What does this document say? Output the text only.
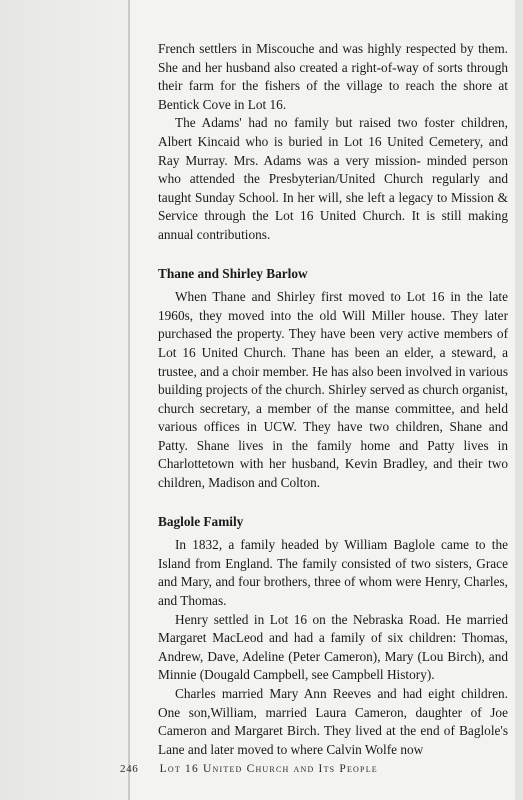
French settlers in Miscouche and was highly respected by them. She and her husband also created a right-of-way of sorts through their farm for the fishers of the village to reach the shore at Bentick Cove in Lot 16.

The Adams' had no family but raised two foster children, Albert Kincaid who is buried in Lot 16 United Cemetery, and Ray Murray. Mrs. Adams was a very mission- minded person who attended the Presbyterian/United Church regularly and taught Sunday School. In her will, she left a legacy to Mission & Service through the Lot 16 United Church. It is still making annual contributions.

Thane and Shirley Barlow

When Thane and Shirley first moved to Lot 16 in the late 1960s, they moved into the old Will Miller house. They later purchased the property. They have been very active members of Lot 16 United Church. Thane has been an elder, a steward, a trustee, and a choir member. He has also been involved in various building projects of the church. Shirley served as church organist, church secretary, a member of the manse committee, and held various offices in UCW. They have two children, Shane and Patty. Shane lives in the family home and Patty lives in Charlottetown with her husband, Kevin Bradley, and their two children, Madison and Colton.

Baglole Family

In 1832, a family headed by William Baglole came to the Island from England. The family consisted of two sisters, Grace and Mary, and four brothers, three of whom were Henry, Charles, and Thomas.

Henry settled in Lot 16 on the Nebraska Road. He married Margaret MacLeod and had a family of six children: Thomas, Andrew, Dave, Adeline (Peter Cameron), Mary (Lou Birch), and Minnie (Dougald Campbell, see Campbell History).

Charles married Mary Ann Reeves and had eight children. One son,William, married Laura Cameron, daughter of Joe Cameron and Margaret Birch. They lived at the end of Baglole's Lane and later moved to where Calvin Wolfe now

246 Lot 16 United Church and Its People
